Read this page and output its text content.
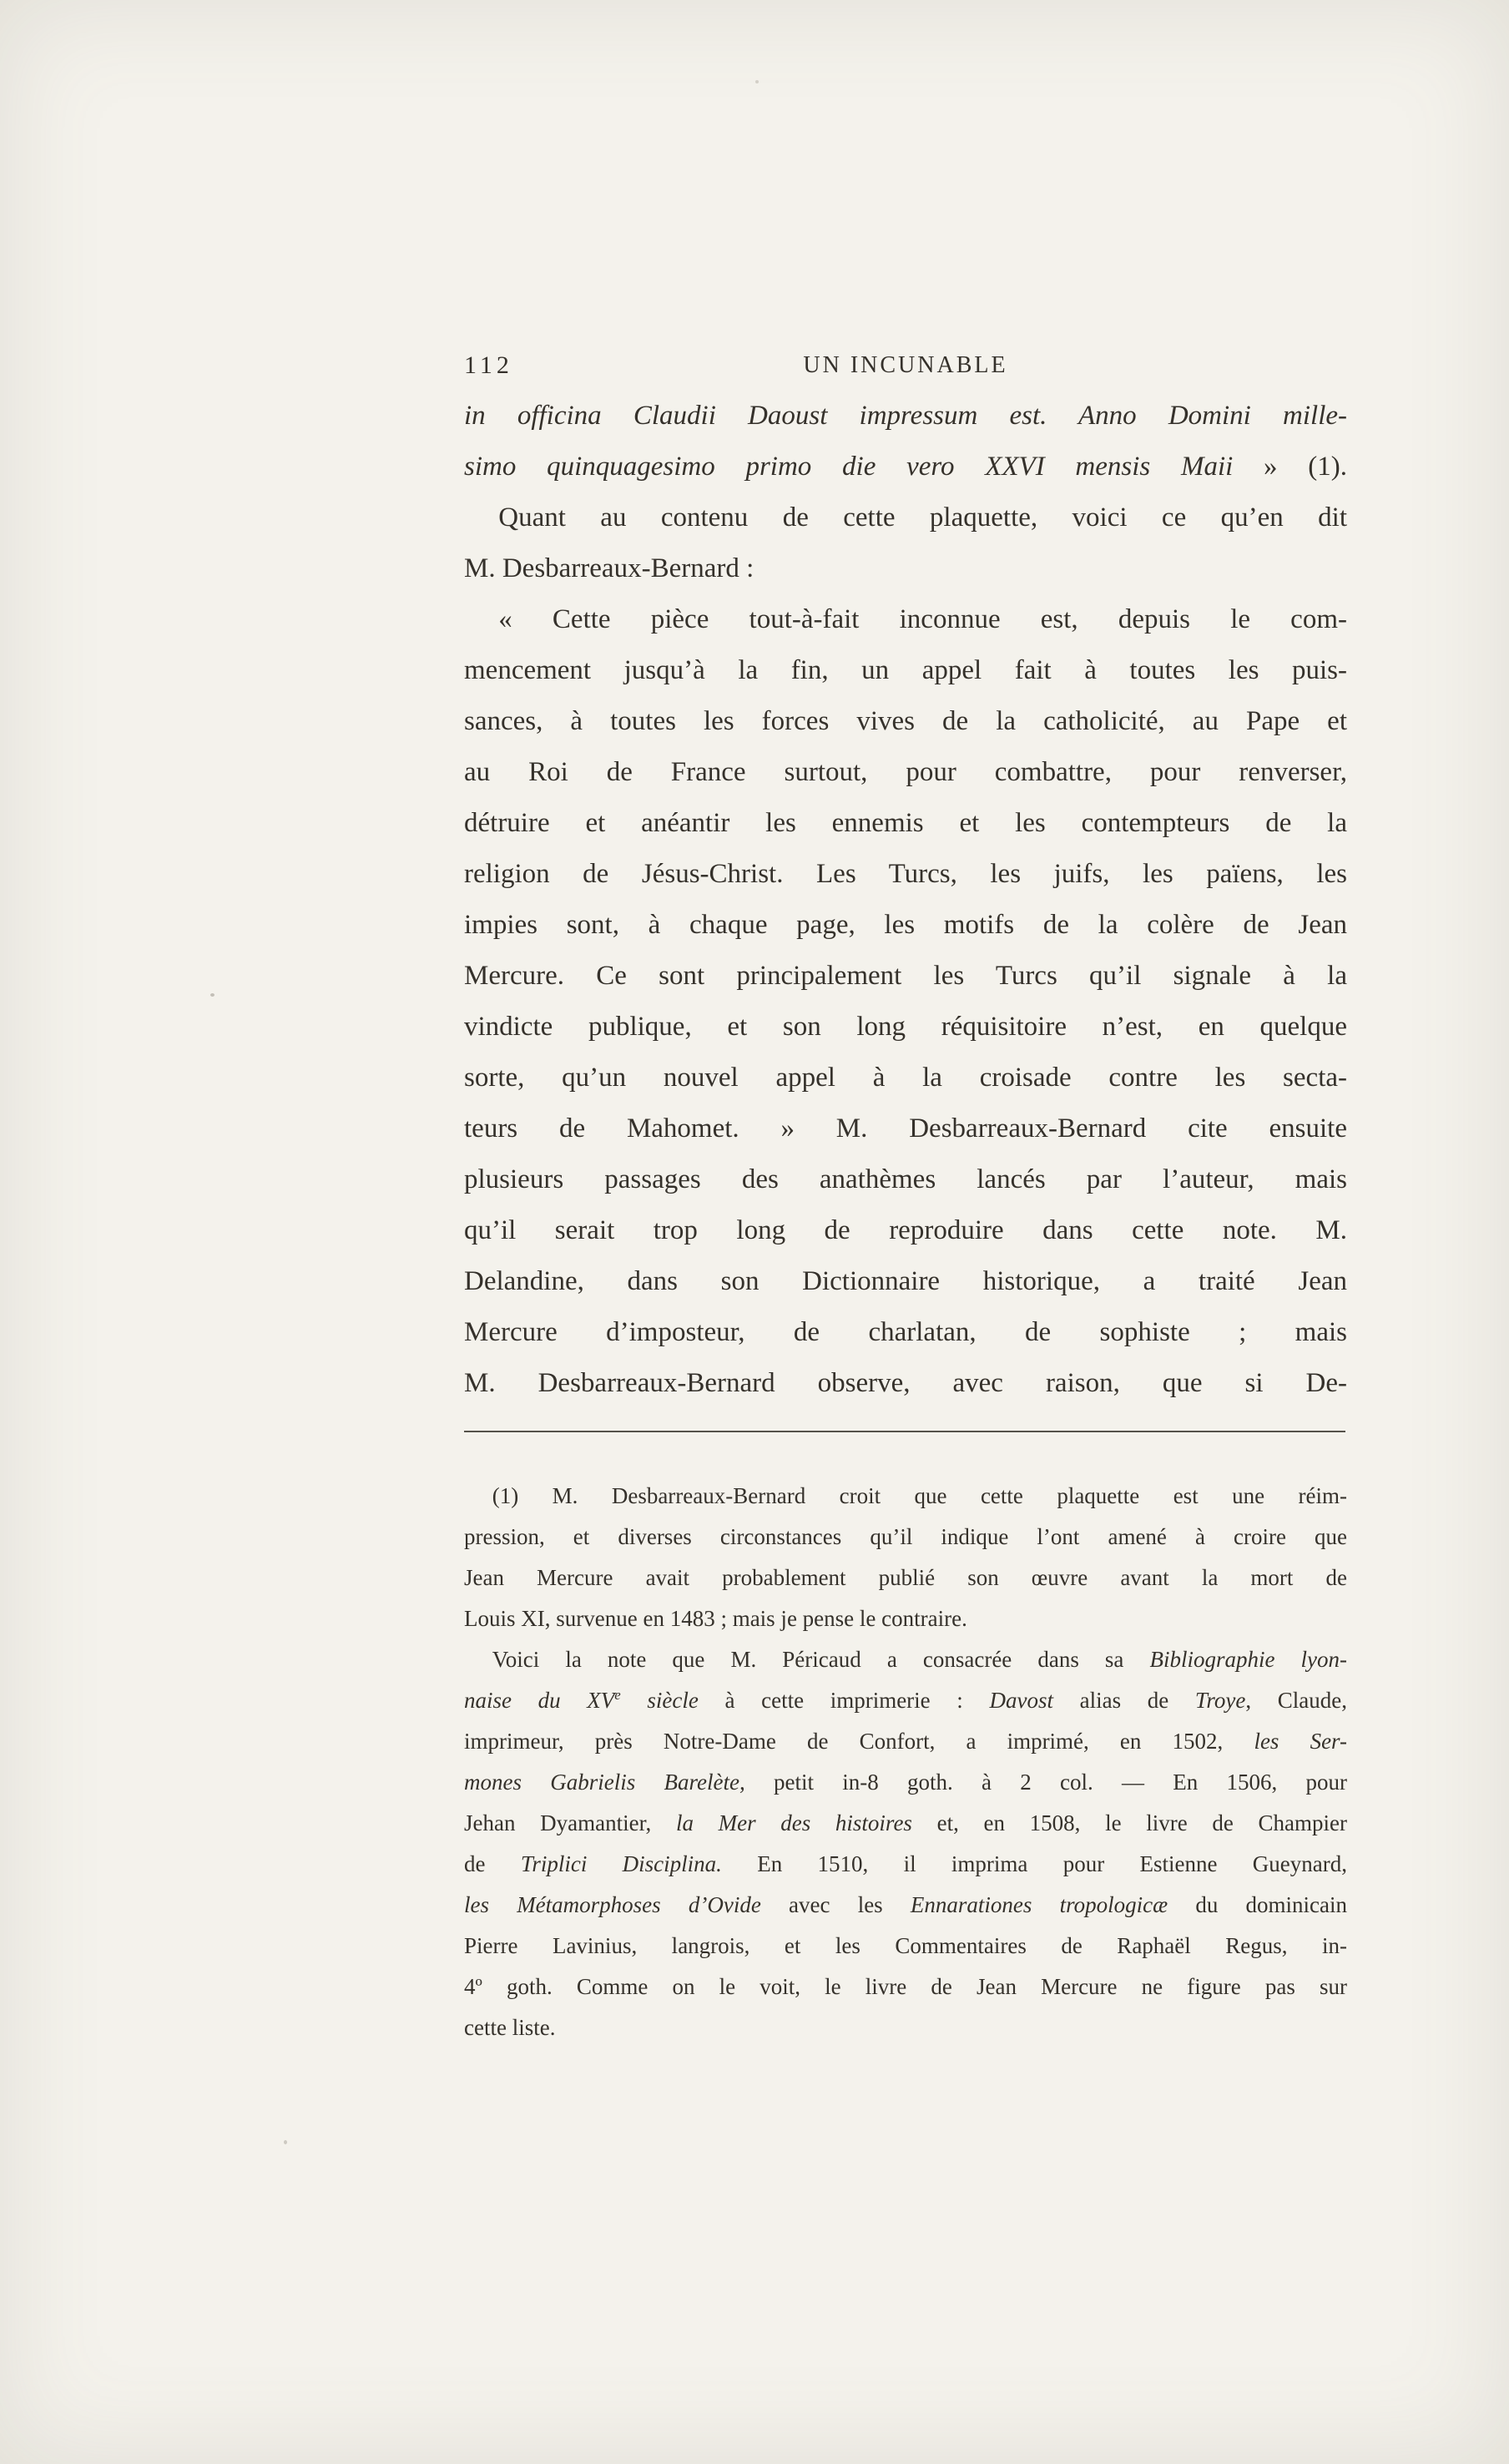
112	UN INCUNABLE
in officina Claudii Daoust impressum est. Anno Domini mille-
simo quinquagesimo primo die vero XXVI mensis Maii » (1).
Quant au contenu de cette plaquette, voici ce qu’en dit
M. Desbarreaux-Bernard :
« Cette pièce tout-à-fait inconnue est, depuis le com-
mencement jusqu’à la fin, un appel fait à toutes les puis-
sances, à toutes les forces vives de la catholicité, au Pape et
au Roi de France surtout, pour combattre, pour renverser,
détruire et anéantir les ennemis et les contempteurs de la
religion de Jésus-Christ. Les Turcs, les juifs, les païens, les
impies sont, à chaque page, les motifs de la colère de Jean
Mercure. Ce sont principalement les Turcs qu’il signale à la
vindicte publique, et son long réquisitoire n’est, en quelque
sorte, qu’un nouvel appel à la croisade contre les secta-
teurs de Mahomet. » M. Desbarreaux-Bernard cite ensuite
plusieurs passages des anathèmes lancés par l’auteur, mais
qu’il serait trop long de reproduire dans cette note. M.
Delandine, dans son Dictionnaire historique, a traité Jean
Mercure d’imposteur, de charlatan, de sophiste ; mais
M. Desbarreaux-Bernard observe, avec raison, que si De-
(1) M. Desbarreaux-Bernard croit que cette plaquette est une réim-
pression, et diverses circonstances qu’il indique l’ont amené à croire que
Jean Mercure avait probablement publié son œuvre avant la mort de
Louis XI, survenue en 1483 ; mais je pense le contraire.
Voici la note que M. Péricaud a consacrée dans sa Bibliographie lyon-
naise du XVe siècle à cette imprimerie : Davost alias de Troye, Claude,
imprimeur, près Notre-Dame de Confort, a imprimé, en 1502, les Ser-
mones Gabrielis Barelète, petit in-8 goth. à 2 col. — En 1506, pour
Jehan Dyamantier, la Mer des histoires et, en 1508, le livre de Champier
de Triplici Disciplina. En 1510, il imprima pour Estienne Gueynard,
les Métamorphoses d’Ovide avec les Ennarationes tropologicæ du dominicain
Pierre Lavinius, langrois, et les Commentaires de Raphaël Regus, in-
4º goth. Comme on le voit, le livre de Jean Mercure ne figure pas sur
cette liste.
